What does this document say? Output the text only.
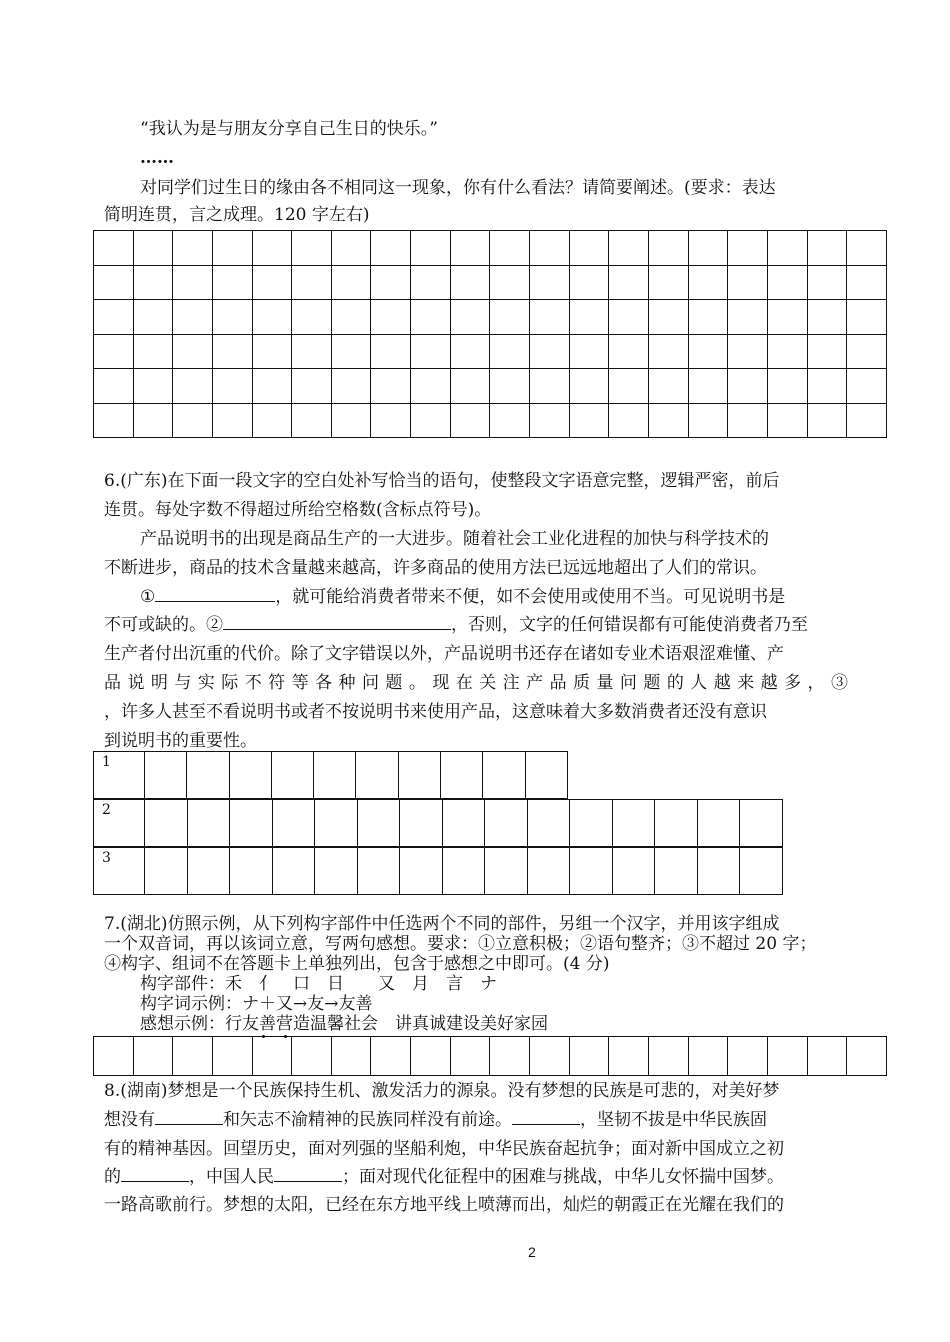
“我认为是与朋友分享自己生日的快乐。”
……
对同学们过生日的缘由各不相同这一现象，你有什么看法？请简要阐述。(要求：表达
简明连贯，言之成理。120 字左右)

6.(广东)在下面一段文字的空白处补写恰当的语句，使整段文字语意完整，逻辑严密，前后
连贯。每处字数不得超过所给空格数(含标点符号)。
产品说明书的出现是商品生产的一大进步。随着社会工业化进程的加快与科学技术的
不断进步，商品的技术含量越来越高，许多商品的使用方法已远远地超出了人们的常识。
①	，就可能给消费者带来不便，如不会使用或使用不当。可见说明书是
不可或缺的。②	，否则，文字的任何错误都有可能使消费者乃至
生产者付出沉重的代价。除了文字错误以外，产品说明书还存在诸如专业术语艰涩难懂、产
品说明与实际不符等各种问题。现在关注产品质量问题的人越来越多，③
，许多人甚至不看说明书或者不按说明书来使用产品，这意味着大多数消费者还没有意识
到说明书的重要性。
1										
2															
3															
7.(湖北)仿照示例，从下列构字部件中任选两个不同的部件，另组一个汉字，并用该字组成
一个双音词，再以该词立意，写两句感想。要求：①立意积极；②语句整齐；③不超过 20 字；
④构字、组词不在答题卡上单独列出，包含于感想之中即可。(4 分)
构字部件：禾　亻　口　日　　又　月　言　ナ
构字词示例：ナ＋又→友→友善
感想示例：行友善营造温馨社会　讲真诚建设美好家园

8.(湖南)梦想是一个民族保持生机、激发活力的源泉。没有梦想的民族是可悲的，对美好梦
想没有	和矢志不渝精神的民族同样没有前途。	，坚韧不拔是中华民族固
有的精神基因。回望历史，面对列强的坚船利炮，中华民族奋起抗争；面对新中国成立之初
的	，中国人民	；面对现代化征程中的困难与挑战，中华儿女怀揣中国梦。
一路高歌前行。梦想的太阳，已经在东方地平线上喷薄而出，灿烂的朝霞正在光耀在我们的
2
